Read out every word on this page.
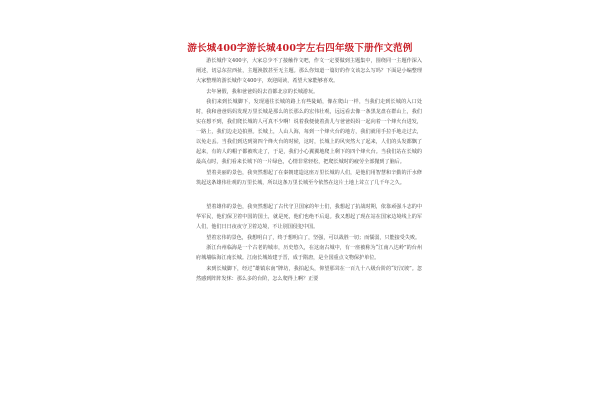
游长城400字游长城400字左右四年级下册作文范例

游长城作文400字，大家总少不了接触作文吧，作文一定要做到主题集中，围绕同一主题作深入阐述，切忌东拉西扯，主题涣散甚至无主题。那么你知道一篇好的作文该怎么写吗？下面是小编整理大家整理的游长城作文400字，欢迎阅读，希望大家能够喜欢。

去年暑假，我和爸爸妈妈去首都北京的长城游玩。

我们来到长城脚下，发现通往长城的路上有些陡峭，像在爬山一样，当我们走到长城的入口处时，我和爸爸妈妈发现万里长城是那么的长那么的宏伟壮观，远远看去像一条黑龙盘在群山上，我们实在想不到，我们爬长城的人可真不少啊！说着我便使着劲儿与爸爸妈妈一起向着一个烽火台进发，一路上，我们边走边拍照。长城上，人山人海，每到一个烽火台的地方，我们就用手拉手地走过去，以免走丢。当我们到达到第四个烽火台的时候，这时，长城上的风突然大了起来，人们的头发都飘了起来，有的人的帽子都被吹走了，于是，我们小心翼翼地爬上剩下的四个烽火台。当我们站在长城的最高点时，我们看来长城下的一片绿色，心情非常轻松，把爬长城时的疲劳全部抛到了脑后。

望着美丽的景色，我突然想起了在秦朝建造这座万里长城的人们，是他们用智慧和辛勤的汗水修筑起这条雄伟壮观的万里长城，所以这条万里长城至今依然在这片土地上耸立了几千年之久。

望着雄伟的景色，我突然想起了古代守卫国家的年士们，我想起了抗战时期，依靠顽强斗志的中华军民，他们保卫着中国的国土，就是死，他们也绝不后退。我又想起了现在站在国家边境线上的军人们，他们日日夜夜守卫着边境，不让别国侵犯中国。

望着宏伟的景色，我想明白了，终于想明白了，坚强，可以战胜一切；而懦弱，只能接受失败。

浙江台州临海是一个古老的城市，历史悠久，在这南古城中，有一座被称为“江南八达岭”的台州府城墙临海江南长城。江南长城始建于晋，成于隋唐，是全国重点文物保护单位。

来到长城脚下，经过“雄镇东南”牌坊，我拍起头，仰望那耸在一百九十八级台阶的“好汉坡”。忽然感到阵阵发怵：那么多的台阶，怎么爬得上啊？正要
